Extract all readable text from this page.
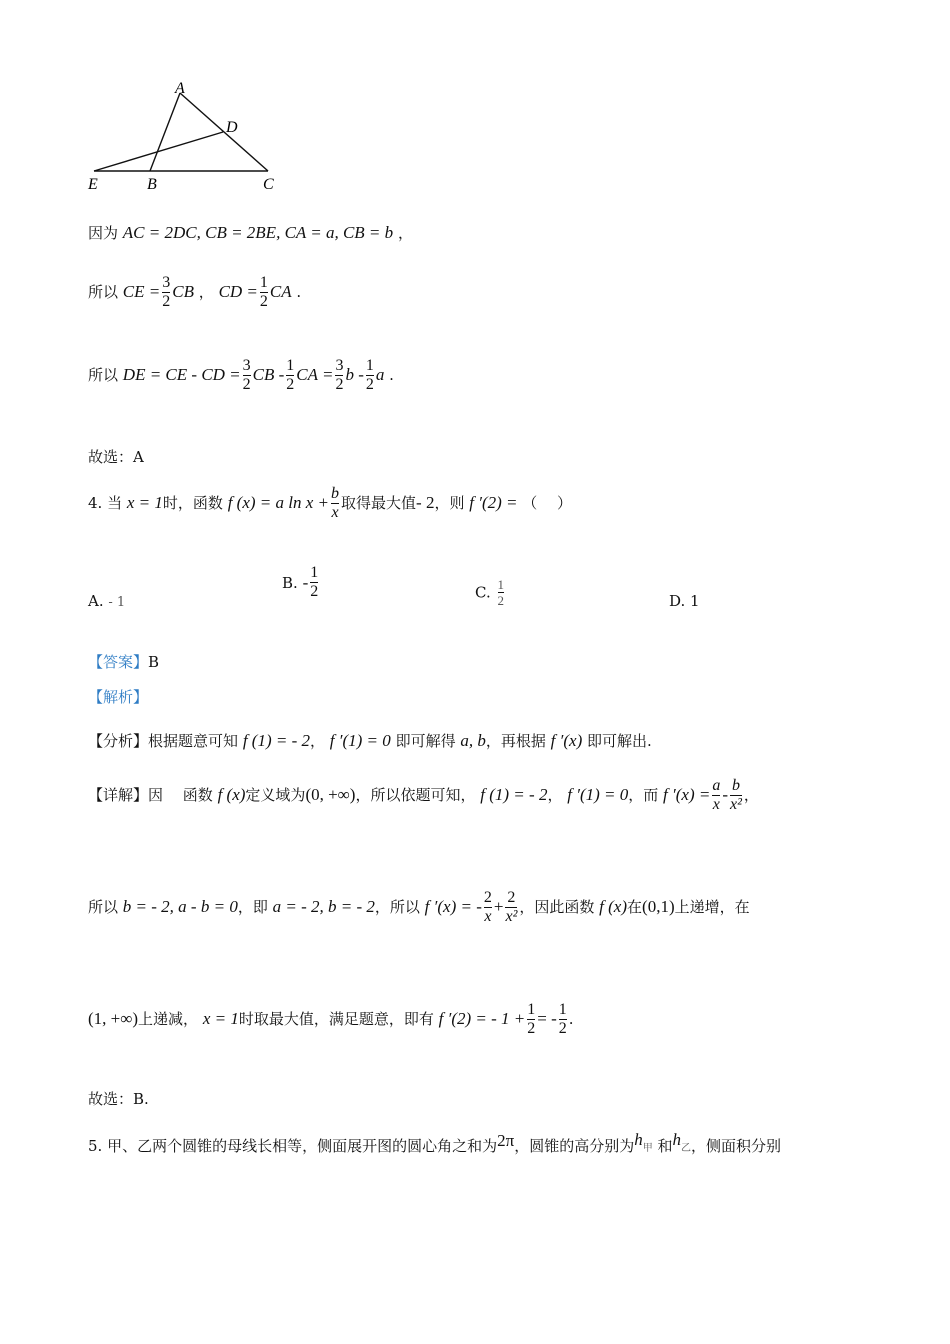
A
D
E	B	C
因为 AC = 2DC, CB = 2BE, CA = a, CB = b ，
所以 CE = $\frac{3}{2}$ CB ， CD = $\frac{1}{2}$ CA .
所以 DE = CE - CD = $\frac{3}{2}$ CB - $\frac{1}{2}$ CA = $\frac{3}{2}$ b - $\frac{1}{2}$ a .
故选：A
4. 当 x = 1时，函数 f (x) = a $\ln x + \frac{b}{x}$ 取得最大值- 2，则 f ′(2) = （　 ）
A. - 1
B. - $\frac{1}{2}$	C. $\frac{1}{2}$	D. 1
【答案】B
【解析】
【分析】根据题意可知 f (1) = - 2， f ′(1) = 0 即可解得 a, b，再根据 f ′(x) 即可解出.
【详解】因　 函数 f (x)定义域为(0, +∞)，所以依题可知， f (1) = - 2， f ′(1) = 0，而 f $'(x) = \frac{a}{x} - \frac{b}{\text{x²}}$ ，
所以 b = - 2, a - b = 0，即 a = - 2, b = - 2，所以 f ′(x) = - $\frac{2}{x} + \frac{2}{\text{x²}}$ ，因此函数 f (x)在(0,1)上递增，在
(1, +∞)上递减， x = 1时取最大值，满足题意，即有 f ′(2) = - $1 + \frac{1}{2}$ = - $\frac{1}{2}$ .
故选：B.
5. 甲、乙两个圆锥的母线长相等，侧面展开图的圆心角之和为2π，圆锥的高分别为h甲 和h乙，侧面积分别
